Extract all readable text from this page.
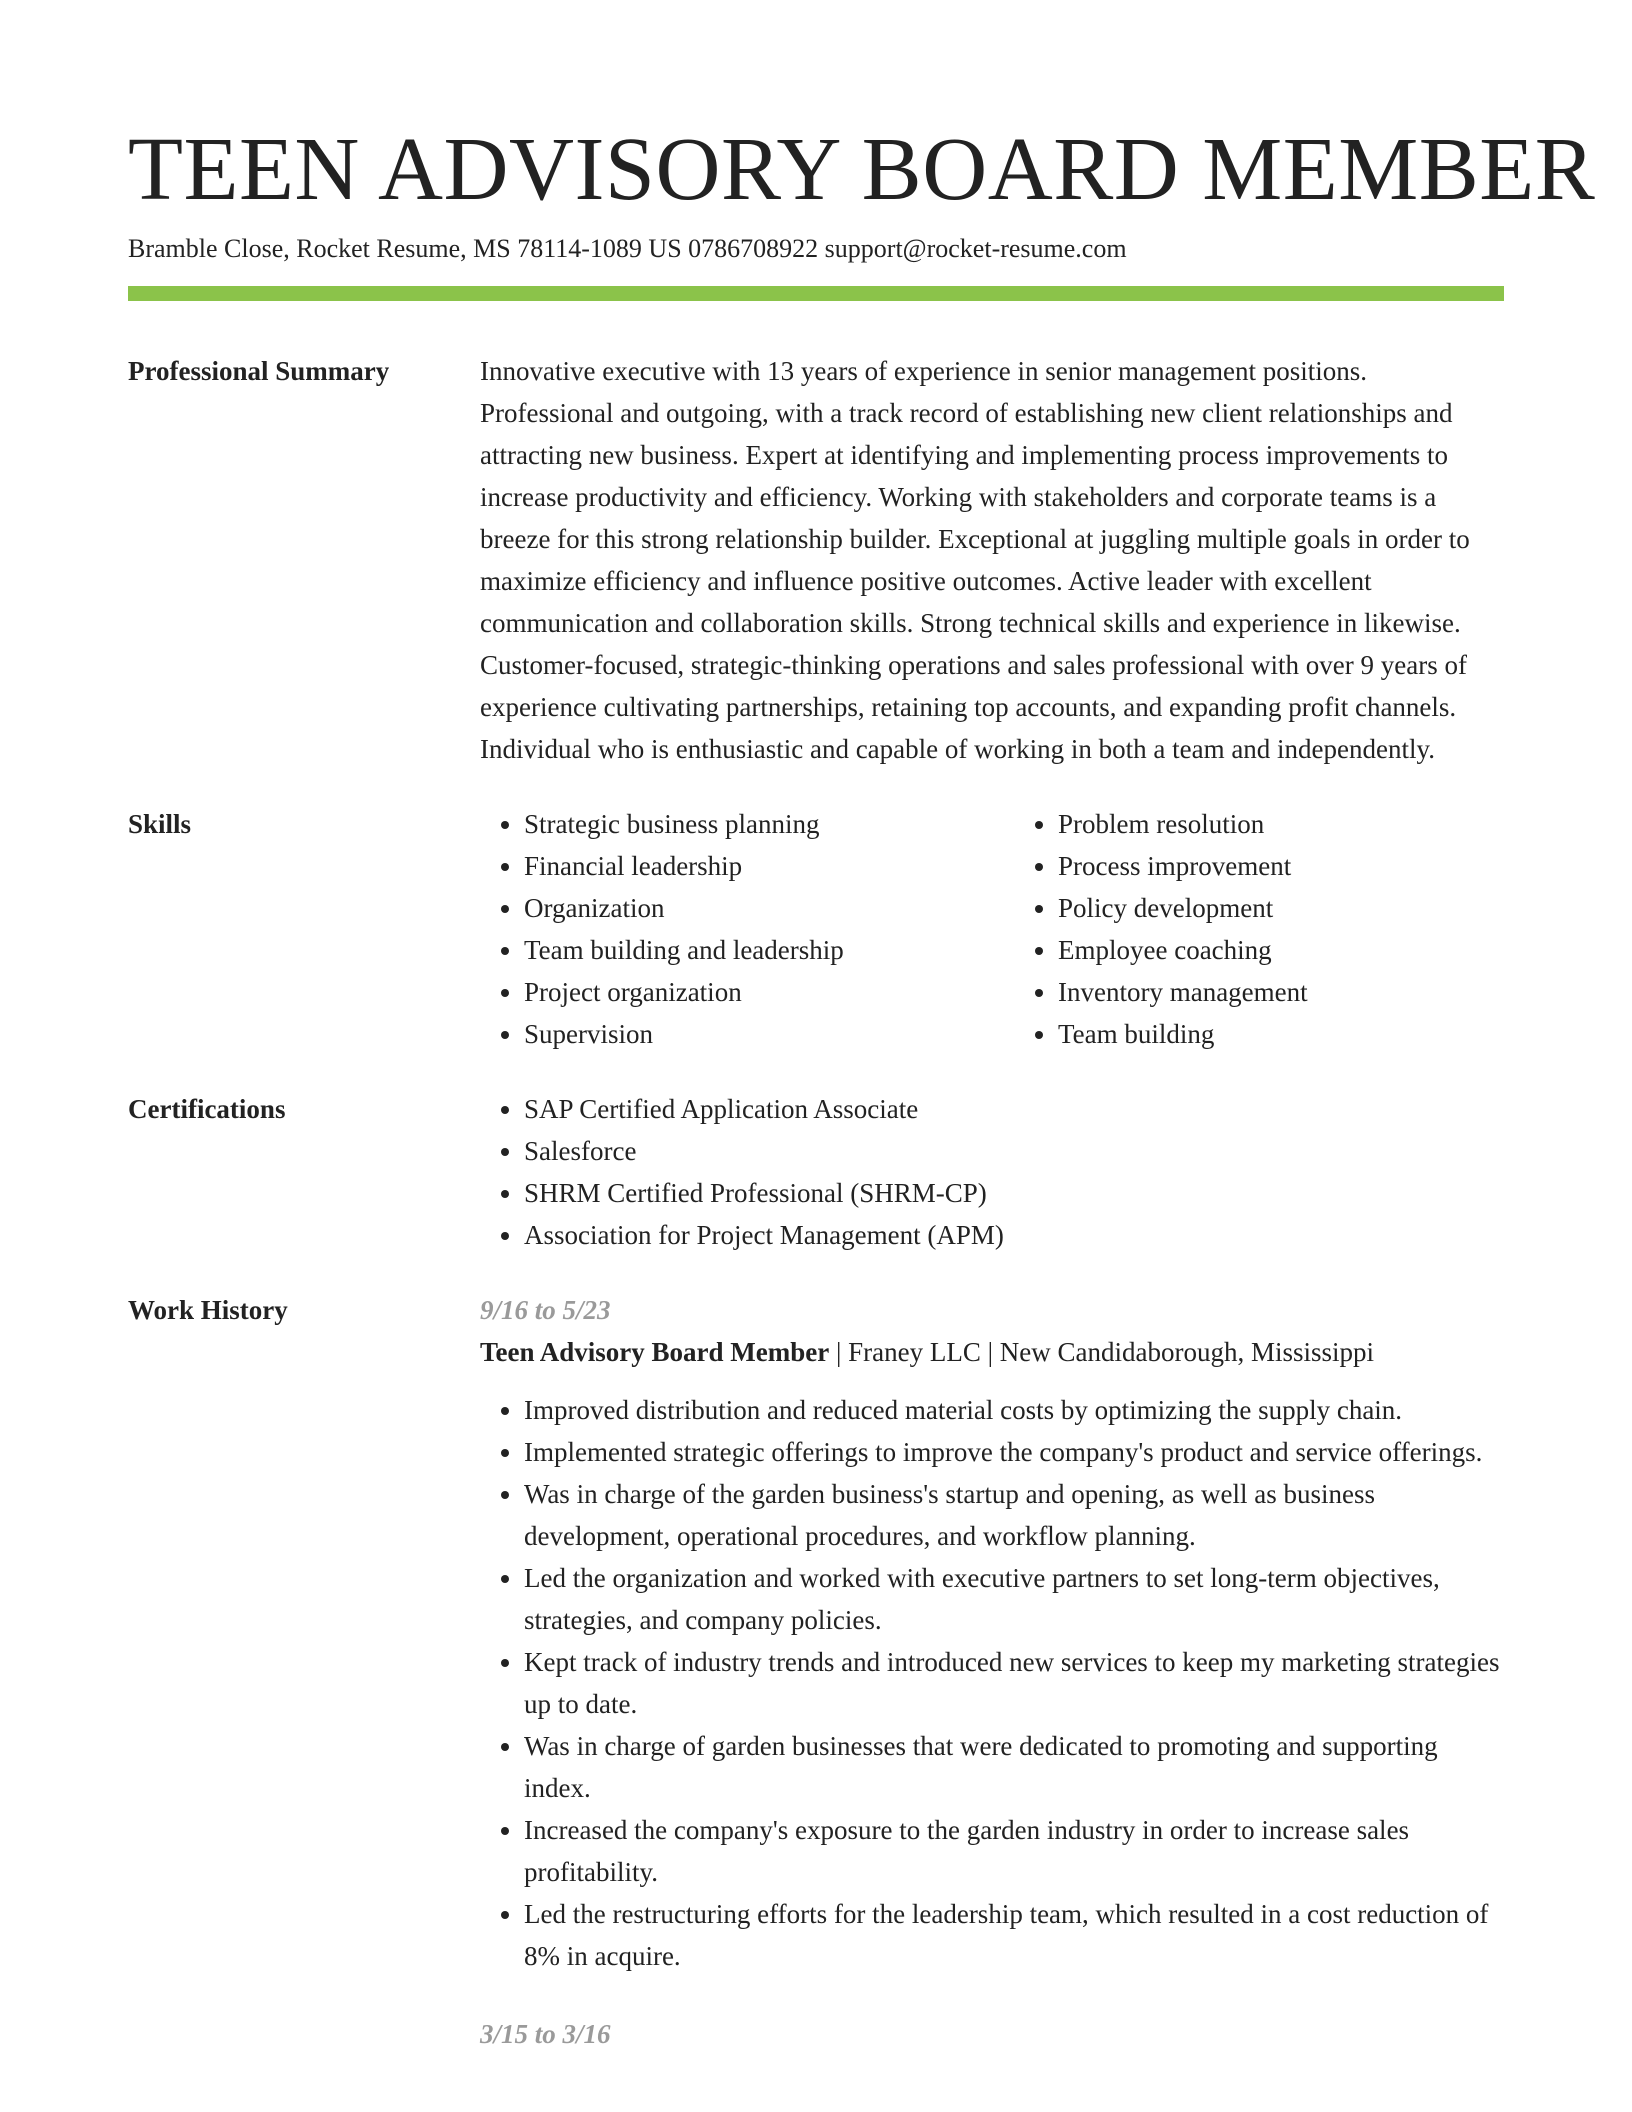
TEEN ADVISORY BOARD MEMBER
Bramble Close, Rocket Resume, MS 78114-1089 US 0786708922 support@rocket-resume.com
Professional Summary	Innovative executive with 13 years of experience in senior management positions. Professional and outgoing, with a track record of establishing new client relationships and attracting new business. Expert at identifying and implementing process improvements to increase productivity and efficiency. Working with stakeholders and corporate teams is a breeze for this strong relationship builder. Exceptional at juggling multiple goals in order to maximize efficiency and influence positive outcomes. Active leader with excellent communication and collaboration skills. Strong technical skills and experience in likewise. Customer-focused, strategic-thinking operations and sales professional with over 9 years of experience cultivating partnerships, retaining top accounts, and expanding profit channels. Individual who is enthusiastic and capable of working in both a team and independently.

Skills	• Strategic business planning
• Financial leadership
• Organization
• Team building and leadership
• Project organization
• Supervision
• Problem resolution
• Process improvement
• Policy development
• Employee coaching
• Inventory management
• Team building
Certifications	• SAP Certified Application Associate
• Salesforce
• SHRM Certified Professional (SHRM-CP)
• Association for Project Management (APM)
Work History	9/16 to 5/23
Teen Advisory Board Member | Franey LLC | New Candidaborough, Mississippi
• Improved distribution and reduced material costs by optimizing the supply chain.
• Implemented strategic offerings to improve the company's product and service offerings.
• Was in charge of the garden business's startup and opening, as well as business development, operational procedures, and workflow planning.
• Led the organization and worked with executive partners to set long-term objectives, strategies, and company policies.
• Kept track of industry trends and introduced new services to keep my marketing strategies up to date.
• Was in charge of garden businesses that were dedicated to promoting and supporting index.
• Increased the company's exposure to the garden industry in order to increase sales profitability.
• Led the restructuring efforts for the leadership team, which resulted in a cost reduction of 8% in acquire.
3/15 to 3/16
